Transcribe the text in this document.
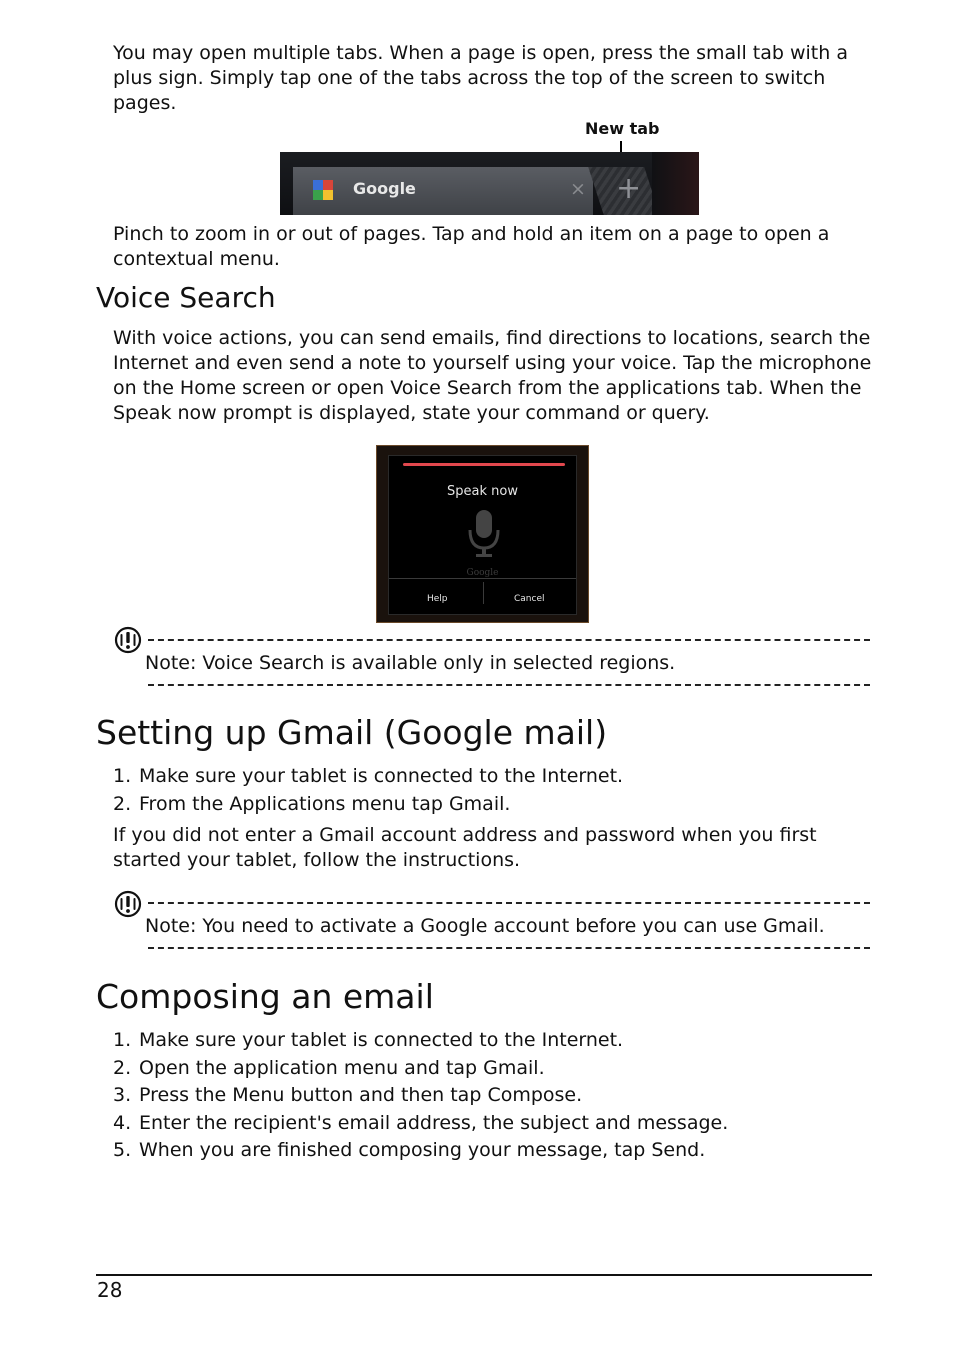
You may open multiple tabs. When a page is open, press the small tab with a plus sign. Simply tap one of the tabs across the top of the screen to switch pages.

New tab
Google	× +

Pinch to zoom in or out of pages. Tap and hold an item on a page to open a contextual menu.

Voice Search

With voice actions, you can send emails, find directions to locations, search the Internet and even send a note to yourself using your voice. Tap the microphone on the Home screen or open Voice Search from the applications tab. When the Speak now prompt is displayed, state your command or query.

Speak now
Google
Help	Cancel
Note: Voice Search is available only in selected regions.
Setting up Gmail (Google mail)
1. Make sure your tablet is connected to the Internet.
2. From the Applications menu tap Gmail.

If you did not enter a Gmail account address and password when you first started your tablet, follow the instructions.

Note: You need to activate a Google account before you can use Gmail.
Composing an email
1. Make sure your tablet is connected to the Internet.
2. Open the application menu and tap Gmail.
3. Press the Menu button and then tap Compose.
4. Enter the recipient's email address, the subject and message.
5. When you are finished composing your message, tap Send.
28
